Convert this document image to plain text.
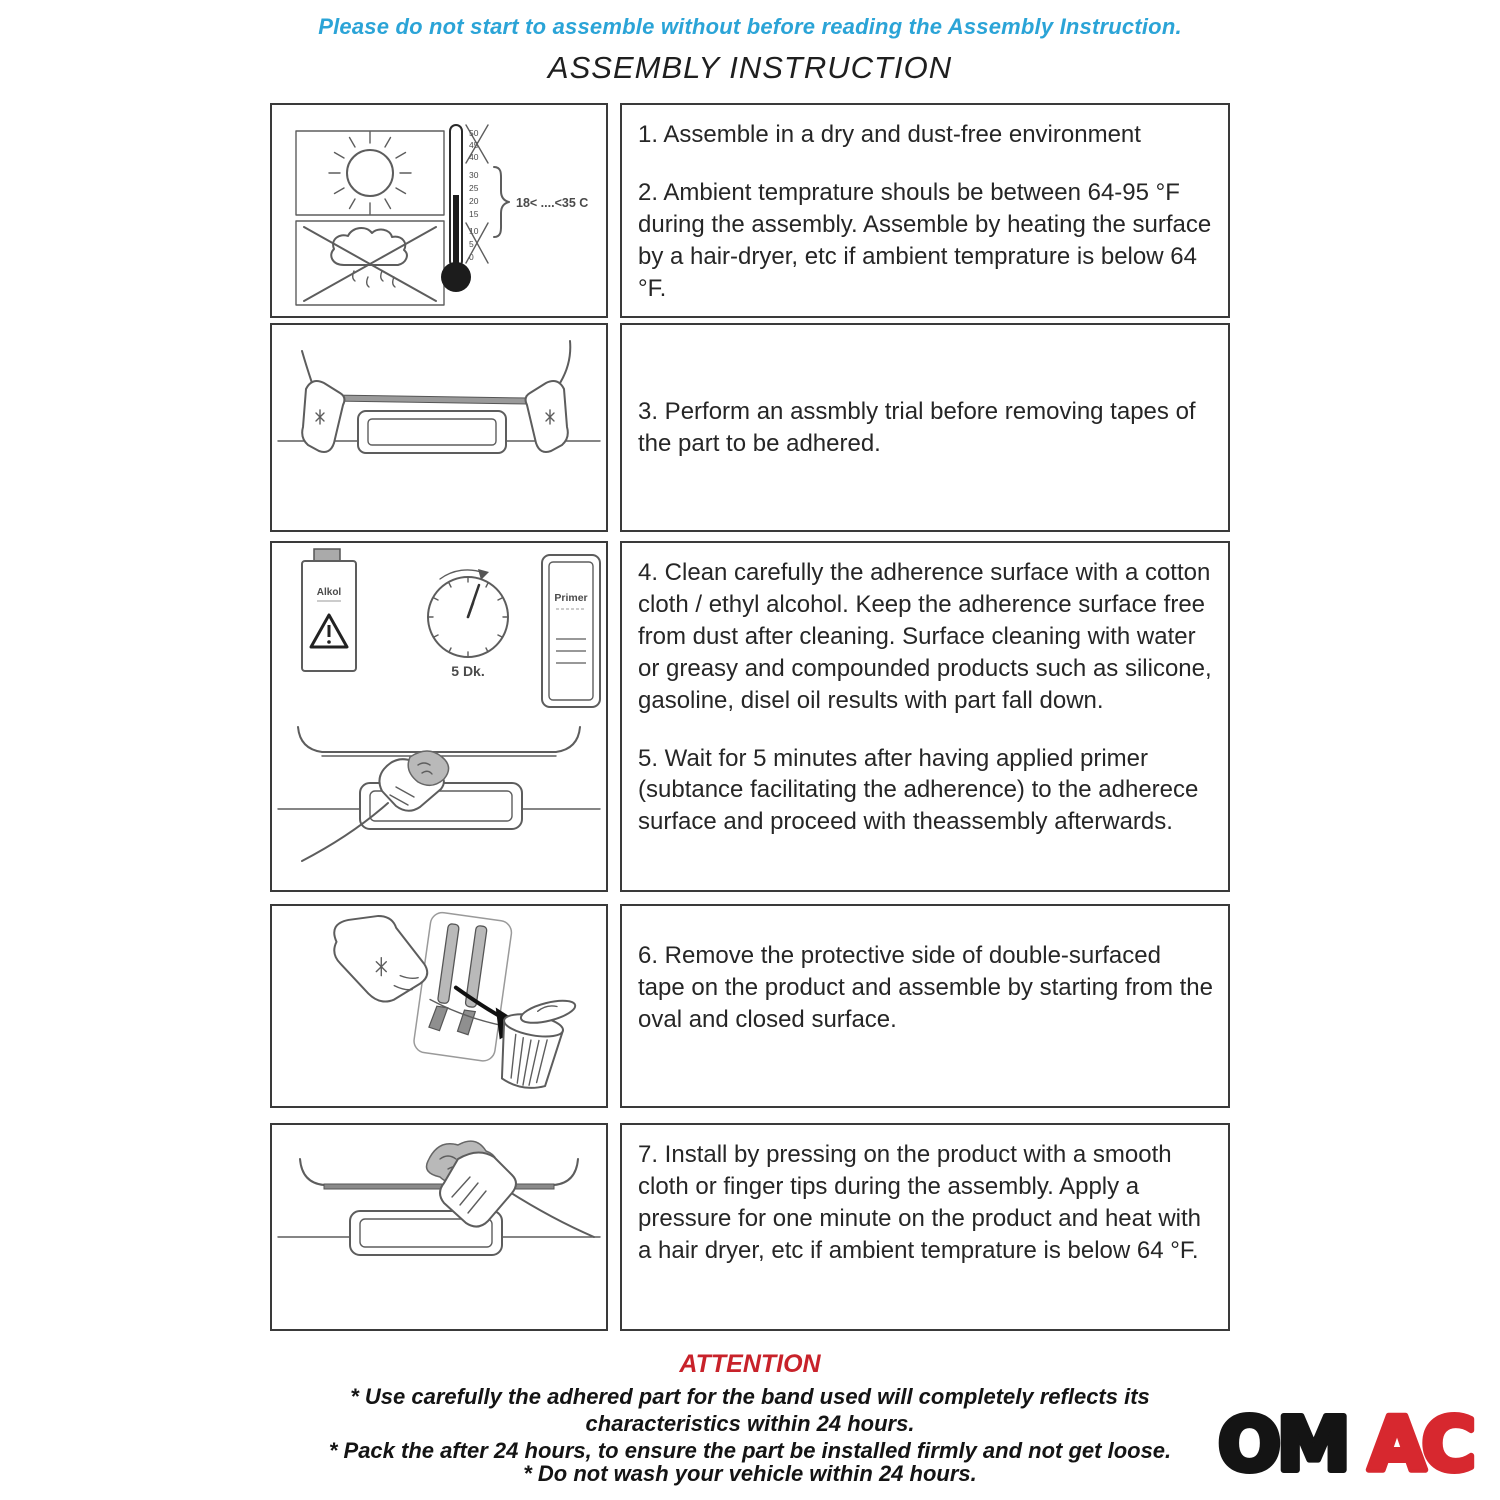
Please do not start to assemble without before reading the Assembly Instruction.
ASSEMBLY INSTRUCTION
50
45
40
30
25
20
15
10
5
0
18< ....<35 C

1. Assemble in a dry and dust-free environment

2. Ambient temprature shouls be between 64-95 °F during the assembly. Assemble by heating the surface by a hair-dryer, etc if ambient temprature is below 64 °F.

3. Perform an assmbly trial before removing tapes of the part to be adhered.

Alkol
5 Dk.
Primer

4. Clean carefully the adherence surface with a cotton cloth / ethyl alcohol. Keep the adherence surface free from dust after cleaning. Surface cleaning with water or greasy and compounded products such as silicone, gasoline, disel oil results with part fall down.

5. Wait for 5 minutes after having applied primer (subtance facilitating the adherence) to the adherece surface and proceed with theassembly afterwards.

6. Remove the protective side of double-surfaced tape on the product and assemble by starting from the oval and closed surface.

7. Install by pressing on the product with a smooth cloth or finger tips during the assembly. Apply a pressure for one minute on the product and heat with a hair dryer, etc if ambient temprature is below 64 °F.

ATTENTION
* Use carefully the adhered part for the band used will completely reflects its characteristics within 24 hours.
* Pack the after 24 hours, to ensure the part be installed firmly and not get loose.
* Do not wash your vehicle within 24 hours.	OM AC
